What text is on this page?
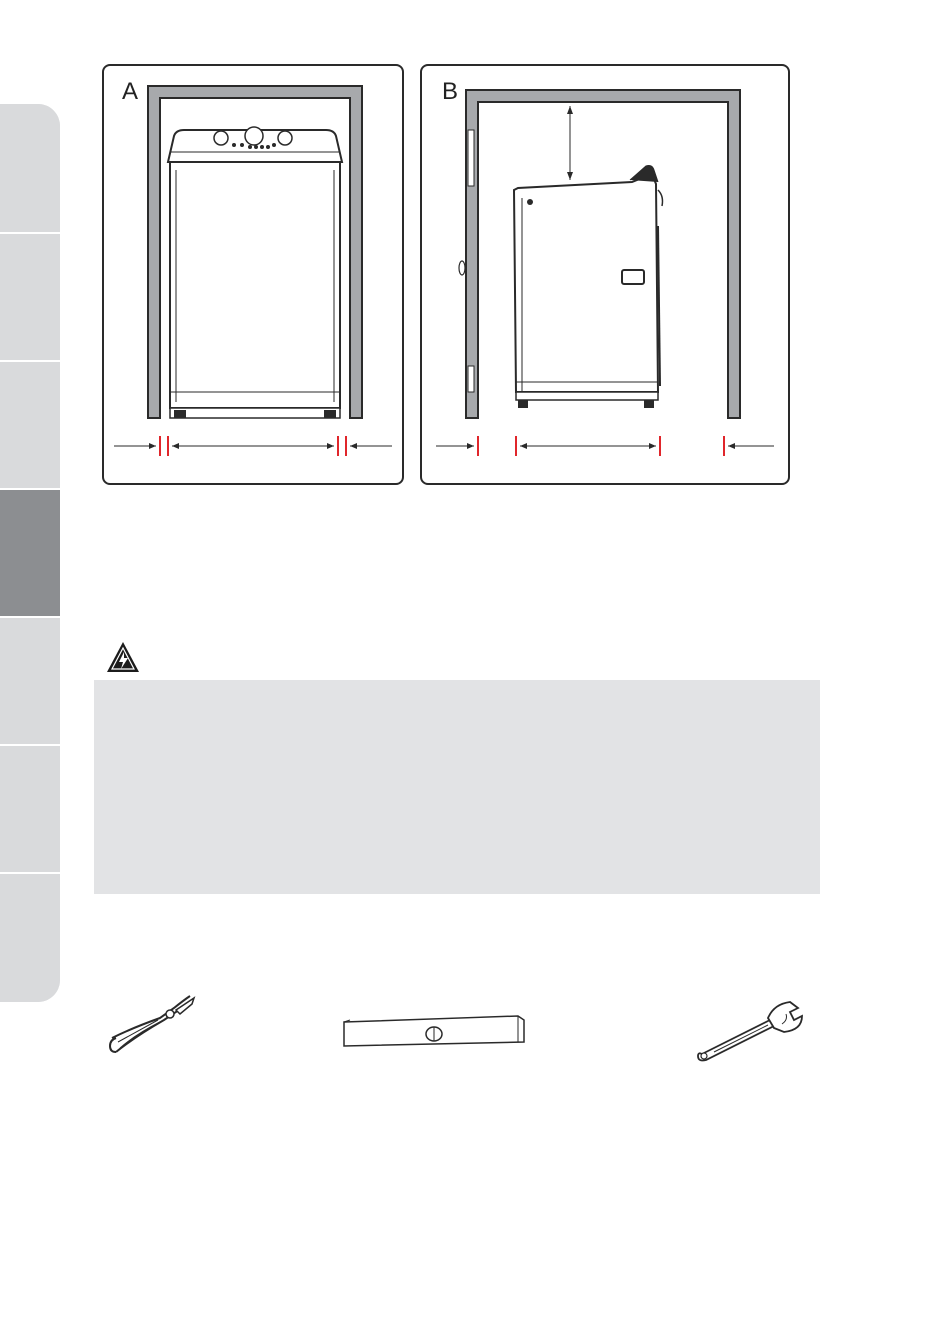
A	B
